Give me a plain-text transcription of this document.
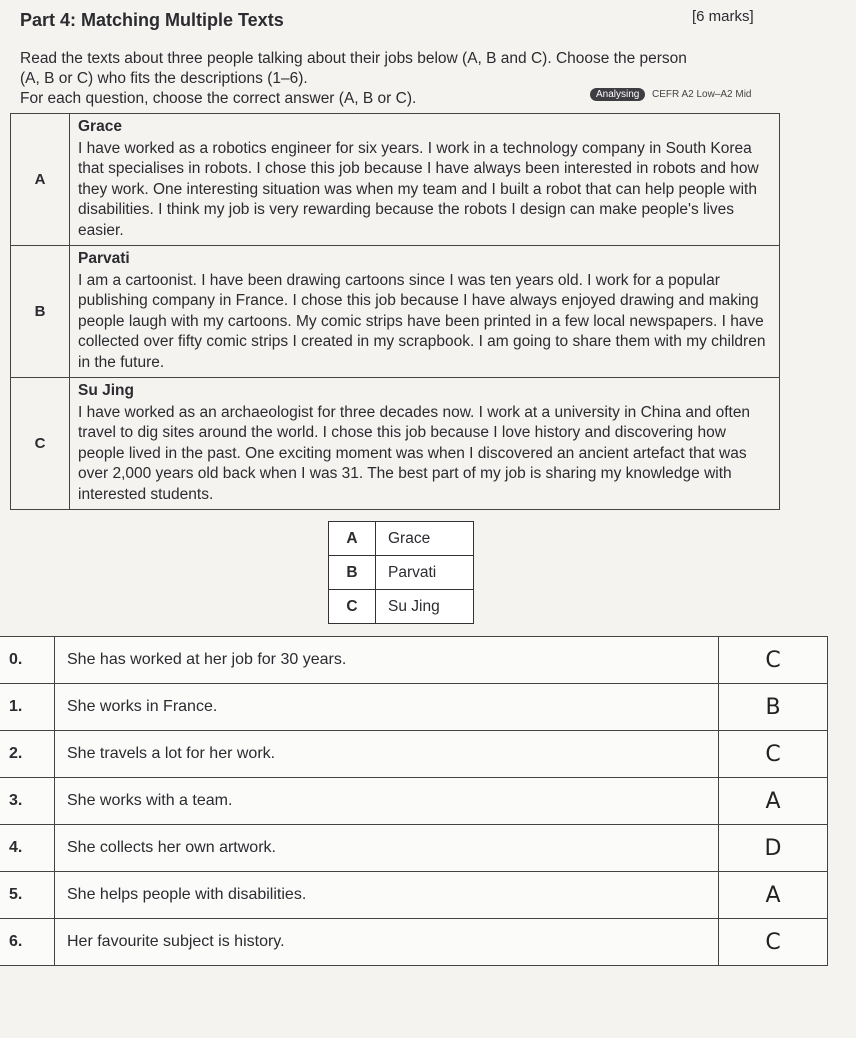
Part 4: Matching Multiple Texts	[6 marks]
Read the texts about three people talking about their jobs below (A, B and C). Choose the person
(A, B or C) who fits the descriptions (1–6).
For each question, choose the correct answer (A, B or C).	Analysing	CEFR A2 Low–A2 Mid
A	Grace
I have worked as a robotics engineer for six years. I work in a technology company in South Korea that specialises in robots. I chose this job because I have always been interested in robots and how they work. One interesting situation was when my team and I built a robot that can help people with disabilities. I think my job is very rewarding because the robots I design can make people's lives easier.
B	Parvati
I am a cartoonist. I have been drawing cartoons since I was ten years old. I work for a popular publishing company in France. I chose this job because I have always enjoyed drawing and making people laugh with my cartoons. My comic strips have been printed in a few local newspapers. I have collected over fifty comic strips I created in my scrapbook. I am going to share them with my children in the future.
C	Su Jing
I have worked as an archaeologist for three decades now. I work at a university in China and often travel to dig sites around the world. I chose this job because I love history and discovering how people lived in the past. One exciting moment was when I discovered an ancient artefact that was over 2,000 years old back when I was 31. The best part of my job is sharing my knowledge with interested students.
A	Grace
B	Parvati
C	Su Jing
0.	She has worked at her job for 30 years.	C
1.	She works in France.	B
2.	She travels a lot for her work.	C
3.	She works with a team.	A
4.	She collects her own artwork.	D
5.	She helps people with disabilities.	A
6.	Her favourite subject is history.	C
